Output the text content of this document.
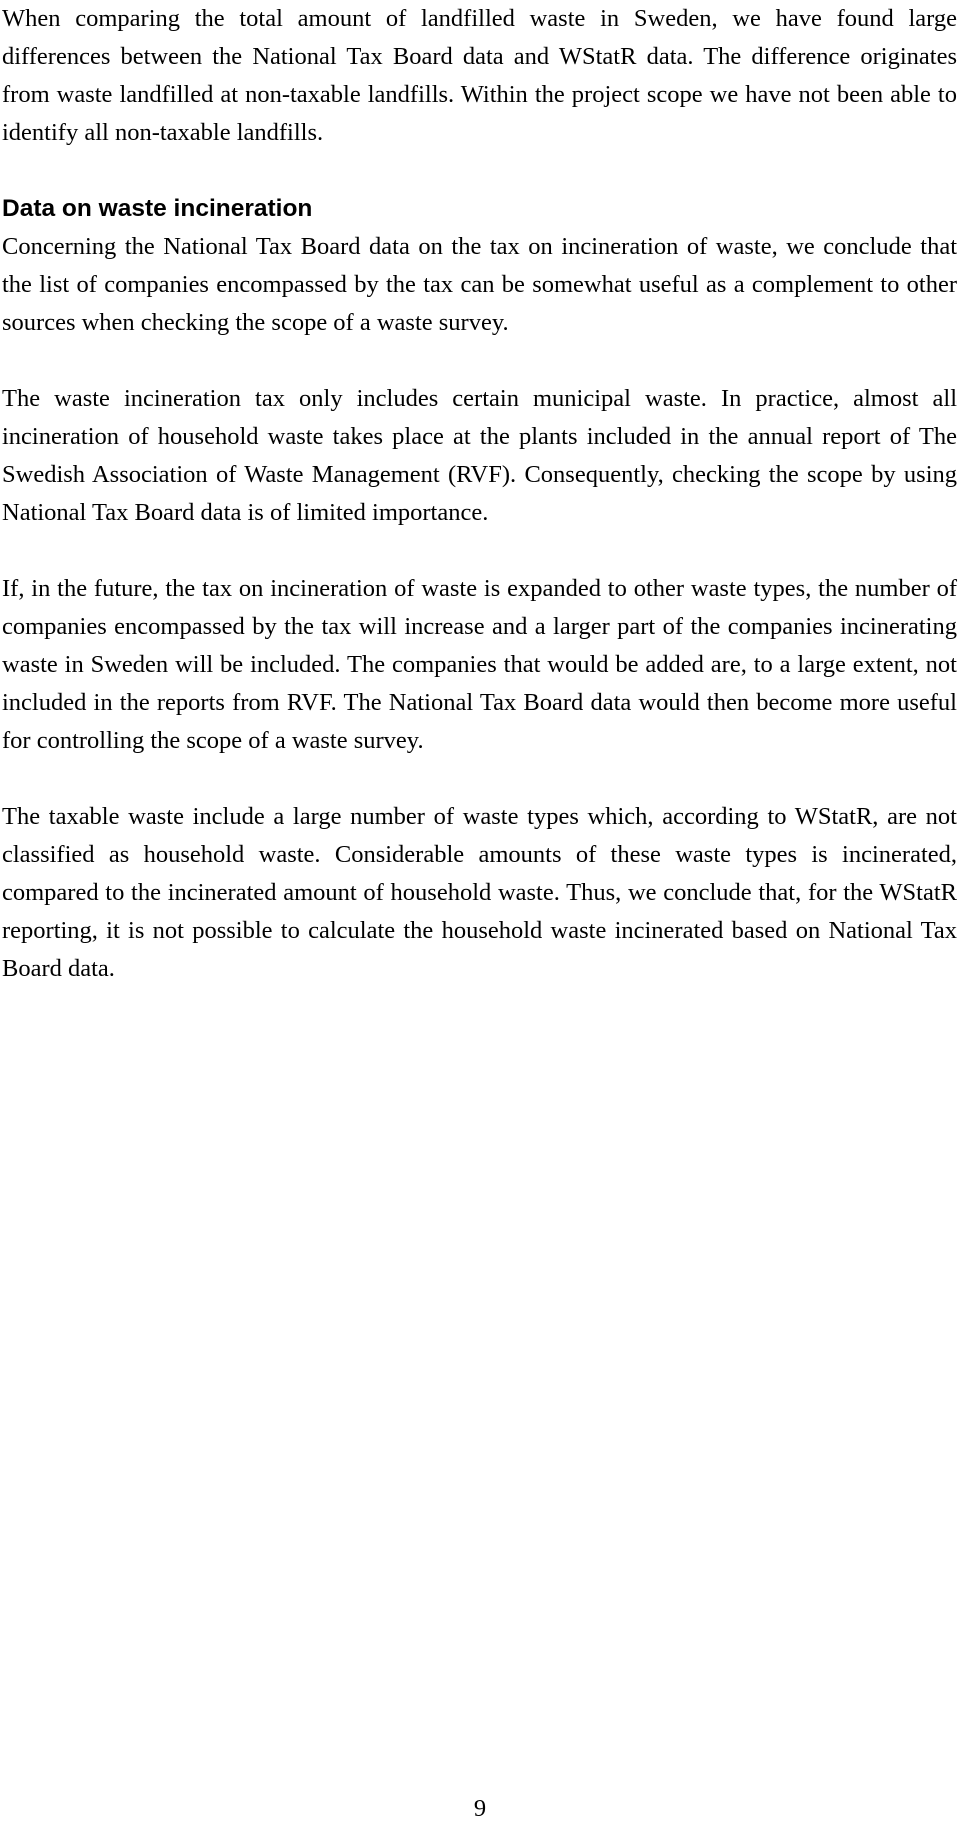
When comparing the total amount of landfilled waste in Sweden, we have found large differences between the National Tax Board data and WStatR data. The difference originates from waste landfilled at non-taxable landfills. Within the project scope we have not been able to identify all non-taxable landfills.

Data on waste incineration

Concerning the National Tax Board data on the tax on incineration of waste, we conclude that the list of companies encompassed by the tax can be somewhat useful as a complement to other sources when checking the scope of a waste survey.

The waste incineration tax only includes certain municipal waste. In practice, almost all incineration of household waste takes place at the plants included in the annual report of The Swedish Association of Waste Management (RVF). Consequently, checking the scope by using National Tax Board data is of limited importance.

If, in the future, the tax on incineration of waste is expanded to other waste types, the number of companies encompassed by the tax will increase and a larger part of the companies incinerating waste in Sweden will be included. The companies that would be added are, to a large extent, not included in the reports from RVF. The National Tax Board data would then become more useful for controlling the scope of a waste survey.

The taxable waste include a large number of waste types which, according to WStatR, are not classified as household waste. Considerable amounts of these waste types is incinerated, compared to the incinerated amount of household waste. Thus, we conclude that, for the WStatR reporting, it is not possible to calculate the household waste incinerated based on National Tax Board data.

9
